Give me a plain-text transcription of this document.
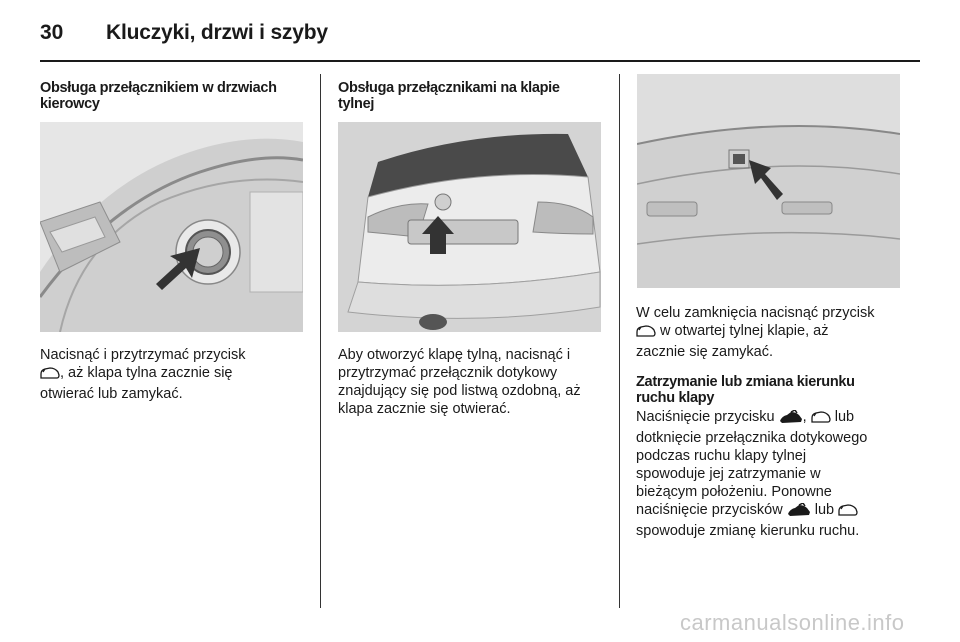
30	Kluczyki, drzwi i szyby

Obsługa przełącznikiem w drzwiach
kierowcy

Nacisnąć i przytrzymać przycisk
, aż klapa tylna zacznie się
otwierać lub zamykać.

Obsługa przełącznikami na klapie
tylnej

Aby otworzyć klapę tylną, nacisnąć i
przytrzymać przełącznik dotykowy
znajdujący się pod listwą ozdobną, aż
klapa zacznie się otwierać.

W celu zamknięcia nacisnąć przycisk
w otwartej tylnej klapie, aż
zacznie się zamykać.

Zatrzymanie lub zmiana kierunku
ruchu klapy

Naciśnięcie przycisku ,  lub
dotknięcie przełącznika dotykowego
podczas ruchu klapy tylnej
spowoduje jej zatrzymanie w
bieżącym położeniu. Ponowne
naciśnięcie przycisków  lub
spowoduje zmianę kierunku ruchu.

carmanualsonline.info
